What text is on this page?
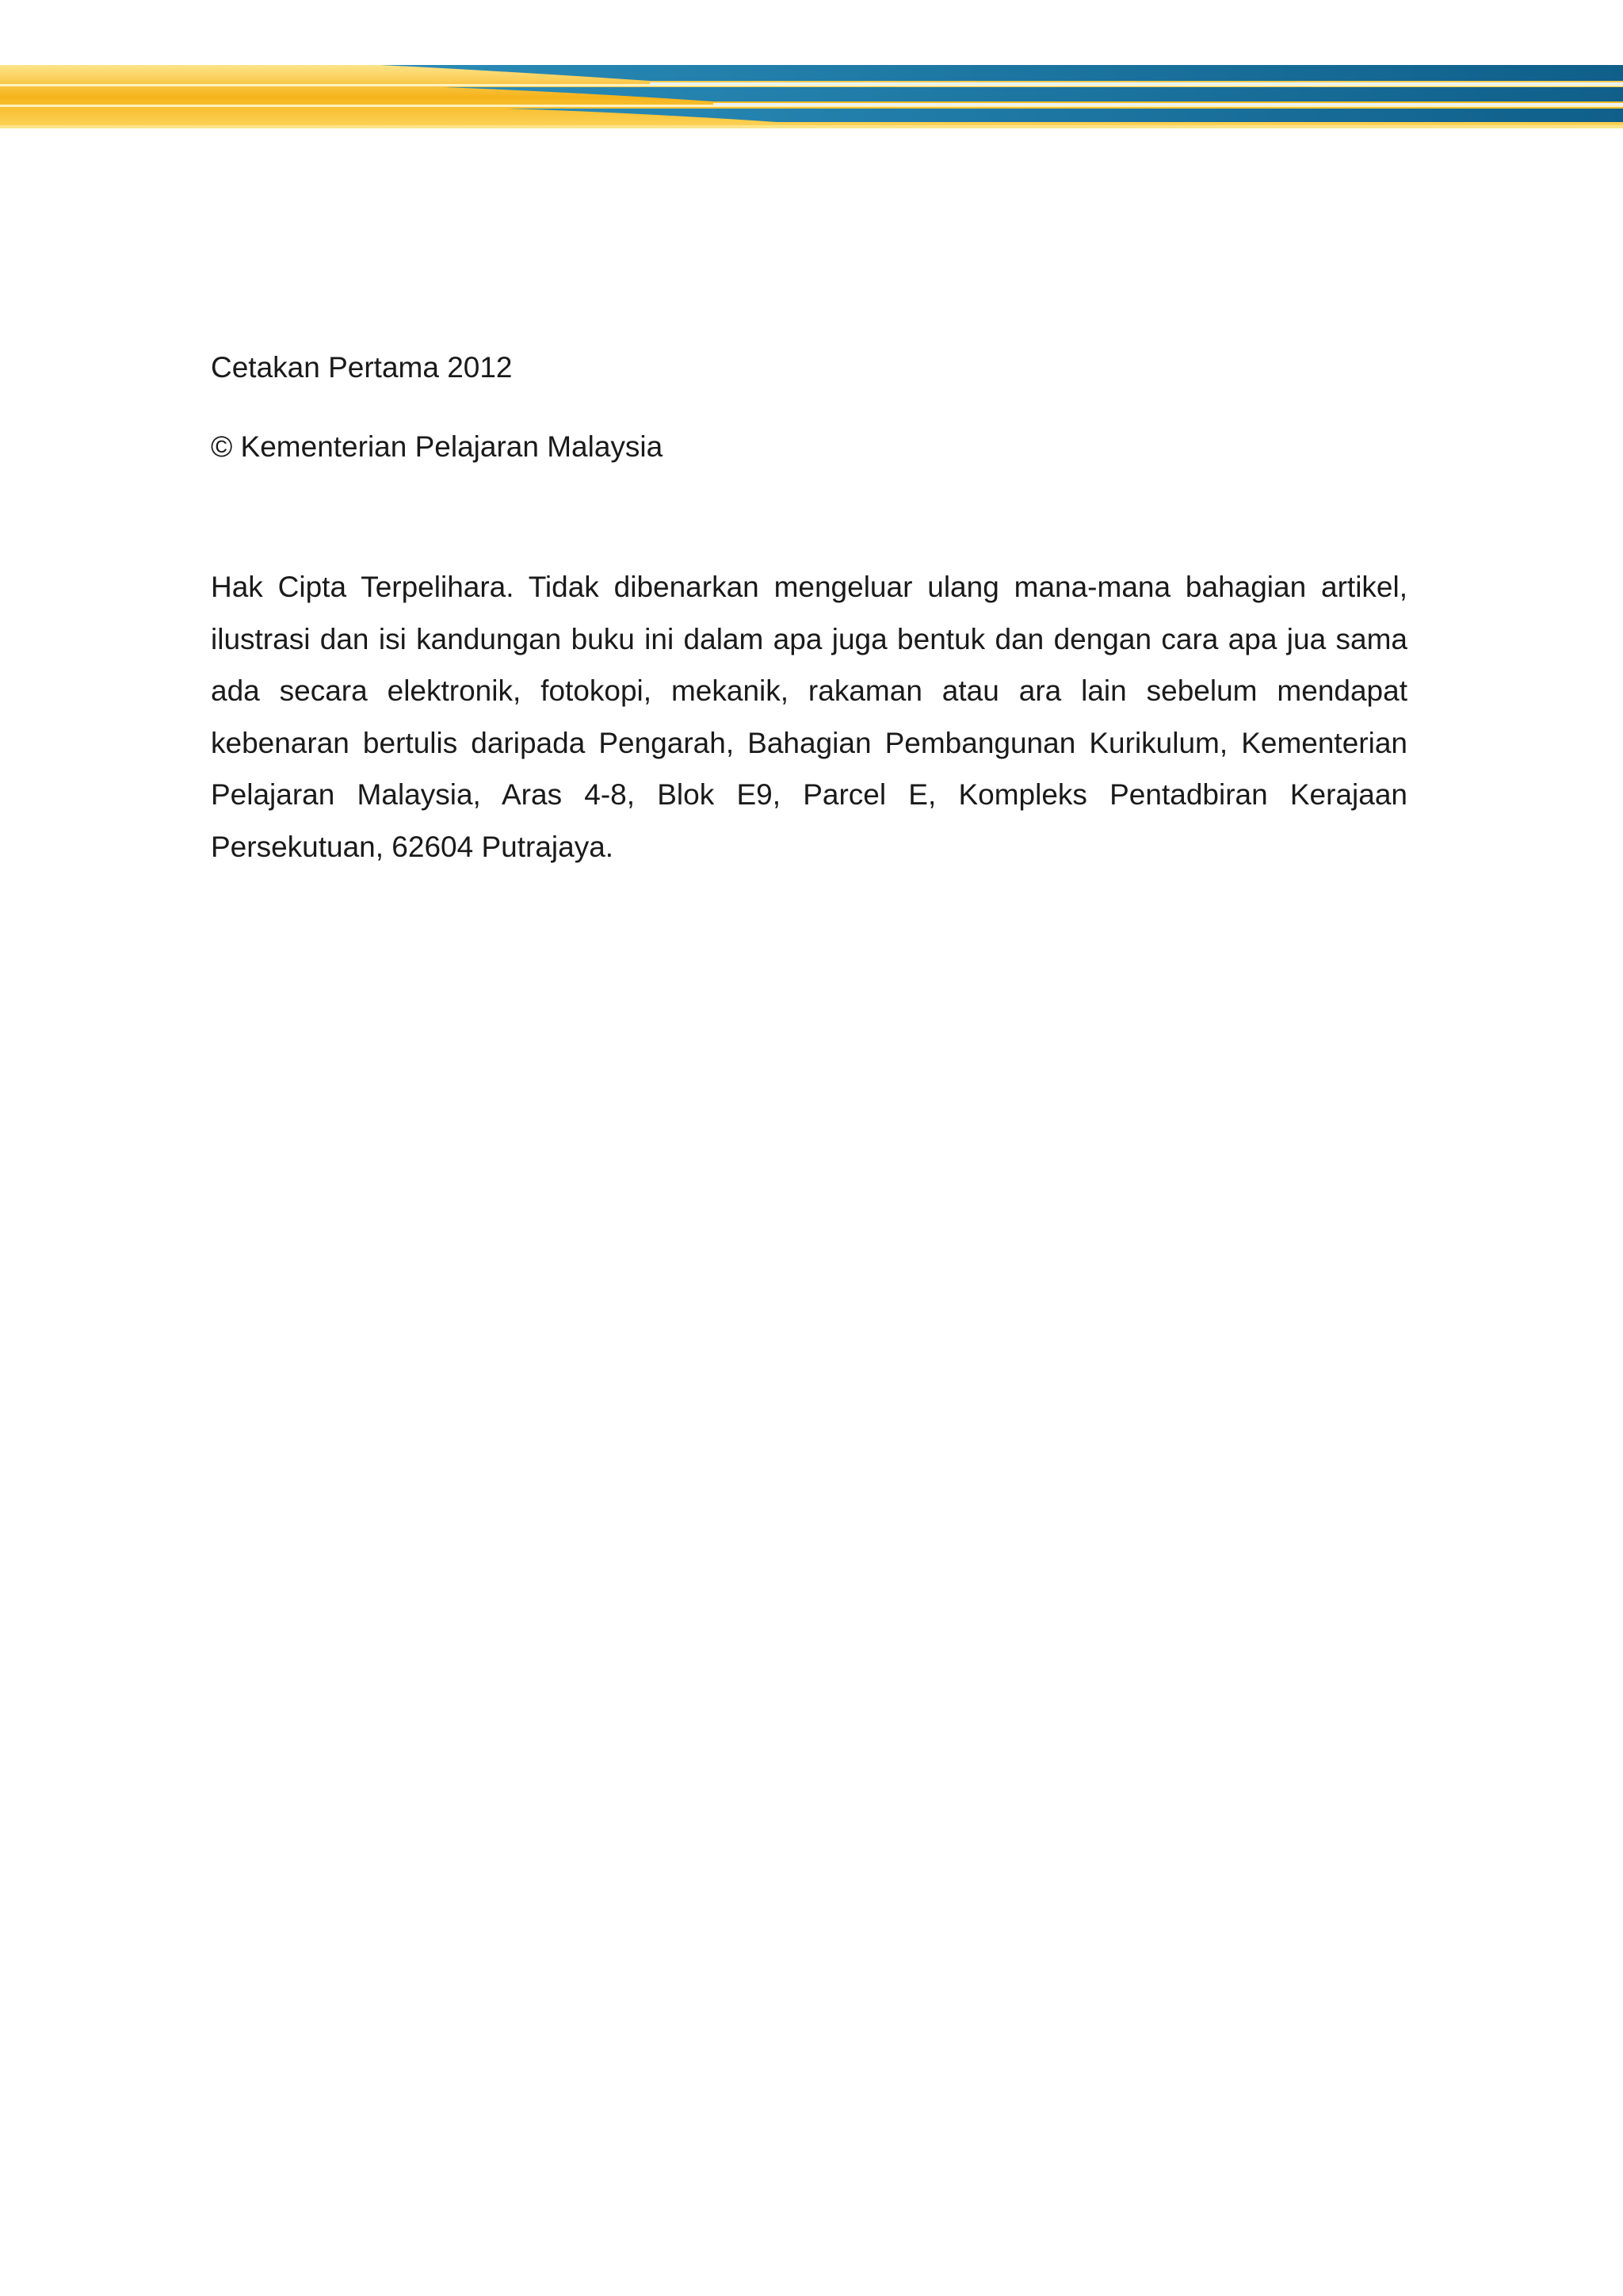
Cetakan Pertama 2012

© Kementerian Pelajaran Malaysia

Hak Cipta Terpelihara. Tidak dibenarkan mengeluar ulang mana-mana bahagian artikel, ilustrasi dan isi kandungan buku ini dalam apa juga bentuk dan dengan cara apa jua sama ada secara elektronik, fotokopi, mekanik, rakaman atau ara lain sebelum mendapat kebenaran bertulis daripada Pengarah, Bahagian Pembangunan Kurikulum, Kementerian Pelajaran Malaysia, Aras 4-8, Blok E9, Parcel E, Kompleks Pentadbiran Kerajaan Persekutuan, 62604 Putrajaya.
